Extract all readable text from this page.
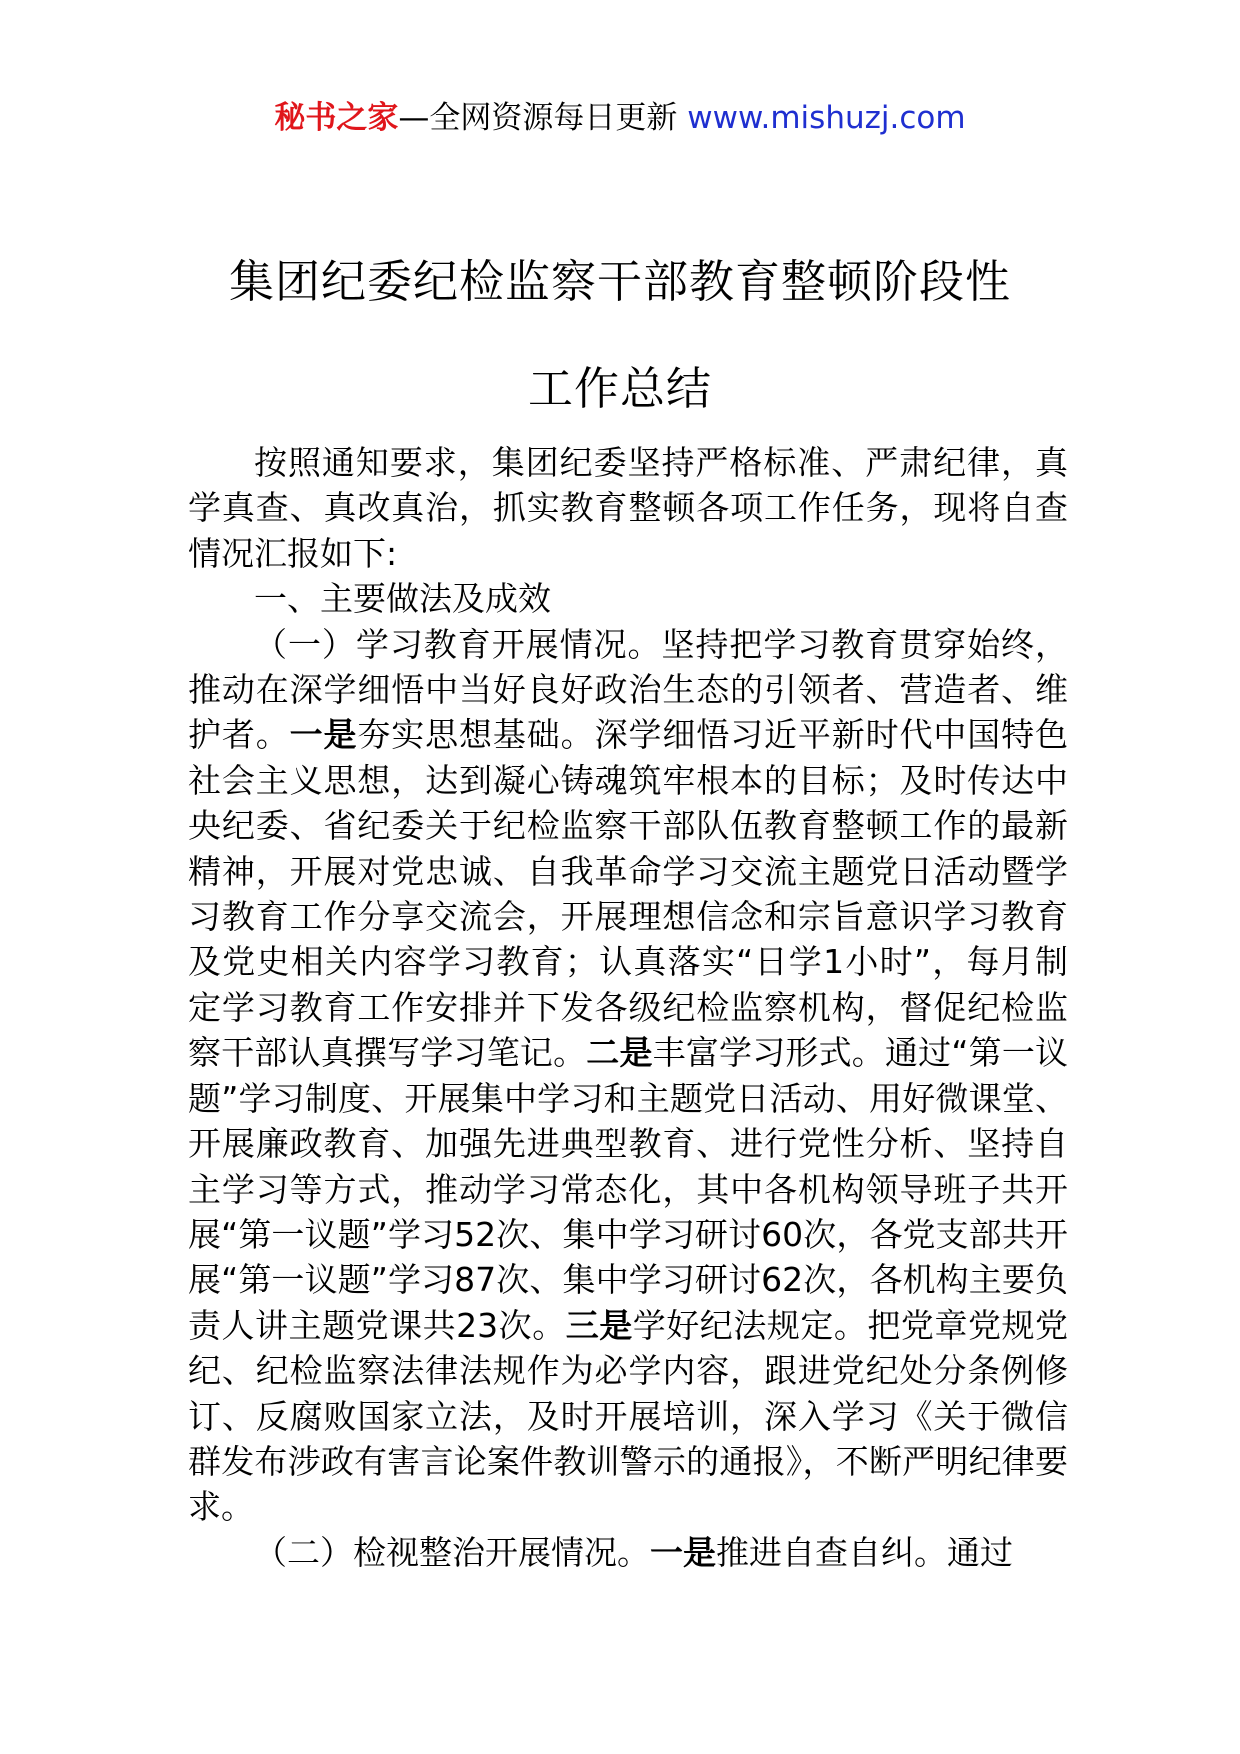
秘书之家—全网资源每日更新 www.mishuzj.com
集团纪委纪检监察干部教育整顿阶段性
工作总结

按照通知要求，集团纪委坚持严格标准、严肃纪律，真学真查、真改真治，抓实教育整顿各项工作任务，现将自查情况汇报如下:

一、主要做法及成效

（一）学习教育开展情况。坚持把学习教育贯穿始终，推动在深学细悟中当好良好政治生态的引领者、营造者、维护者。一是夯实思想基础。深学细悟习近平新时代中国特色社会主义思想，达到凝心铸魂筑牢根本的目标；及时传达中央纪委、省纪委关于纪检监察干部队伍教育整顿工作的最新精神，开展对党忠诚、自我革命学习交流主题党日活动暨学习教育工作分享交流会，开展理想信念和宗旨意识学习教育及党史相关内容学习教育；认真落实“日学1小时”，每月制定学习教育工作安排并下发各级纪检监察机构，督促纪检监察干部认真撰写学习笔记。二是丰富学习形式。通过“第一议题”学习制度、开展集中学习和主题党日活动、用好微课堂、开展廉政教育、加强先进典型教育、进行党性分析、坚持自主学习等方式，推动学习常态化，其中各机构领导班子共开展“第一议题”学习52次、集中学习研讨60次，各党支部共开展“第一议题”学习87次、集中学习研讨62次，各机构主要负责人讲主题党课共23次。三是学好纪法规定。把党章党规党纪、纪检监察法律法规作为必学内容，跟进党纪处分条例修订、反腐败国家立法，及时开展培训，深入学习《关于微信群发布涉政有害言论案件教训警示的通报》，不断严明纪律要求。

（二）检视整治开展情况。一是推进自查自纠。通过
